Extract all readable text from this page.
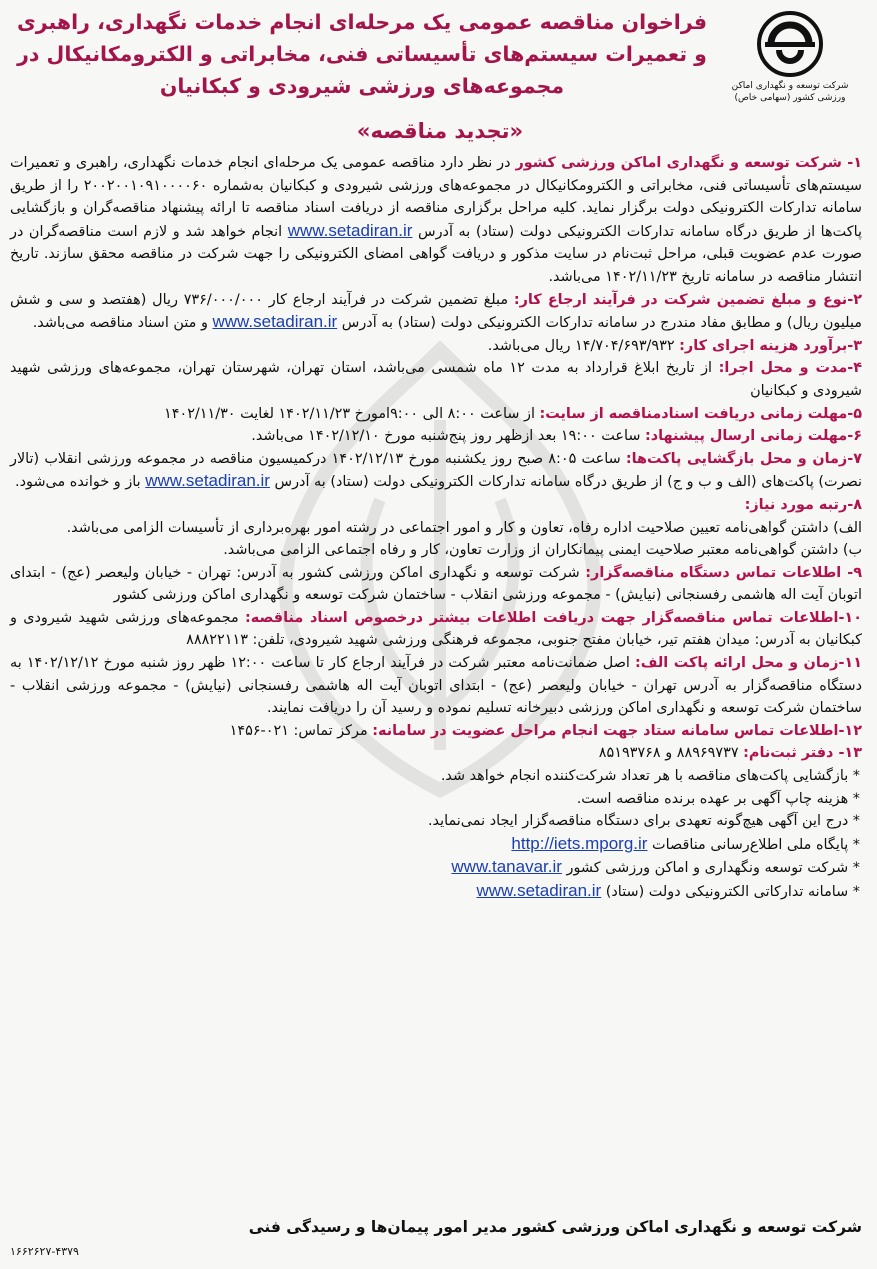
شرکت توسعه و نگهداری اماکن
ورزشی کشور (سهامی خاص)
فراخوان مناقصه عمومی یک مرحله‌ای انجام خدمات نگهداری، راهبری و تعمیرات سیستم‌های تأسیساتی فنی، مخابراتی و الکترومکانیکال در مجموعه‌های ورزشی شیرودی و کبکانیان
«تجدید مناقصه»

۱- شرکت توسعه و نگهداری اماکن ورزشی کشور در نظر دارد مناقصه عمومی یک مرحله‌ای انجام خدمات نگهداری، راهبری و تعمیرات سیستم‌های تأسیساتی فنی، مخابراتی و الکترومکانیکال در مجموعه‌های ورزشی شیرودی و کبکانیان به‌شماره ۲۰۰۲۰۰۱۰۹۱۰۰۰۰۶۰ را از طریق سامانه تدارکات الکترونیکی دولت برگزار نماید. کلیه مراحل برگزاری مناقصه از دریافت اسناد مناقصه تا ارائه پیشنهاد مناقصه‌گران و بازگشایی پاکت‌ها از طریق درگاه سامانه تدارکات الکترونیکی دولت (ستاد) به آدرس www.setadiran.ir انجام خواهد شد و لازم است مناقصه‌گران در صورت عدم عضویت قبلی، مراحل ثبت‌نام در سایت مذکور و دریافت گواهی امضای الکترونیکی را جهت شرکت در مناقصه محقق سازند. تاریخ انتشار مناقصه در سامانه تاریخ ۱۴۰۲/۱۱/۲۳ می‌باشد.

۲-نوع و مبلغ تضمین شرکت در فرآیند ارجاع کار: مبلغ تضمین شرکت در فرآیند ارجاع کار ۷۳۶/۰۰۰/۰۰۰ ریال (هفتصد و سی و شش میلیون ریال) و مطابق مفاد مندرج در سامانه تدارکات الکترونیکی دولت (ستاد) به آدرس www.setadiran.ir و متن اسناد مناقصه می‌باشد.

۳-برآورد هزینه اجرای کار: ۱۴/۷۰۴/۶۹۳/۹۳۲ ریال می‌باشد.

۴-مدت و محل اجرا: از تاریخ ابلاغ قرارداد به مدت ۱۲ ماه شمسی می‌باشد، استان تهران، شهرستان تهران، مجموعه‌های ورزشی شهید شیرودی و کبکانیان

۵-مهلت زمانی دریافت اسنادمناقصه از سایت: از ساعت ۸:۰۰ الی ۹:۰۰امورخ ۱۴۰۲/۱۱/۲۳ لغایت ۱۴۰۲/۱۱/۳۰

۶-مهلت زمانی ارسال پیشنهاد: ساعت ۱۹:۰۰ بعد ازظهر روز پنج‌شنبه مورخ ۱۴۰۲/۱۲/۱۰ می‌باشد.

۷-زمان و محل بازگشایی پاکت‌ها: ساعت ۸:۰۵ صبح روز یکشنبه مورخ ۱۴۰۲/۱۲/۱۳ درکمیسیون مناقصه در مجموعه ورزشی انقلاب (تالار نصرت) پاکت‌های (الف و ب و ج) از طریق درگاه سامانه تدارکات الکترونیکی دولت (ستاد) به آدرس www.setadiran.ir باز و خوانده می‌شود.

۸-رتبه مورد نیاز:

الف) داشتن گواهی‌نامه تعیین صلاحیت اداره رفاه، تعاون و کار و امور اجتماعی در رشته امور بهره‌برداری از تأسیسات الزامی می‌باشد.

ب) داشتن گواهی‌نامه معتبر صلاحیت ایمنی پیمانکاران از وزارت تعاون، کار و رفاه اجتماعی الزامی می‌باشد.

۹- اطلاعات تماس دستگاه مناقصه‌گزار: شرکت توسعه و نگهداری اماکن ورزشی کشور به آدرس: تهران - خیابان ولیعصر (عج) - ابتدای اتوبان آیت اله هاشمی رفسنجانی (نیایش) - مجموعه ورزشی انقلاب - ساختمان شرکت توسعه و نگهداری اماکن ورزشی کشور

۱۰-اطلاعات تماس مناقصه‌گزار جهت دریافت اطلاعات بیشتر درخصوص اسناد مناقصه: مجموعه‌های ورزشی شهید شیرودی و کبکانیان به آدرس: میدان هفتم تیر، خیابان مفتح جنوبی، مجموعه فرهنگی ورزشی شهید شیرودی، تلفن: ۸۸۸۲۲۱۱۳

۱۱-زمان و محل ارائه پاکت الف: اصل ضمانت‌نامه معتبر شرکت در فرآیند ارجاع کار تا ساعت ۱۲:۰۰ ظهر روز شنبه مورخ ۱۴۰۲/۱۲/۱۲ به دستگاه مناقصه‌گزار به آدرس تهران - خیابان ولیعصر (عج) - ابتدای اتوبان آیت اله هاشمی رفسنجانی (نیایش) - مجموعه ورزشی انقلاب - ساختمان شرکت توسعه و نگهداری اماکن ورزشی دبیرخانه تسلیم نموده و رسید آن را دریافت نمایند.

۱۲-اطلاعات تماس سامانه ستاد جهت انجام مراحل عضویت در سامانه: مرکز تماس: ۰۲۱-۱۴۵۶

۱۳- دفتر ثبت‌نام: ۸۸۹۶۹۷۳۷ و ۸۵۱۹۳۷۶۸

* بازگشایی پاکت‌های مناقصه با هر تعداد شرکت‌کننده انجام خواهد شد.

* هزینه چاپ آگهی بر عهده برنده مناقصه است.

* درج این آگهی هیچ‌گونه تعهدی برای دستگاه مناقصه‌گزار ایجاد نمی‌نماید.

* پایگاه ملی اطلاع‌رسانی مناقصات http://iets.mporg.ir

* شرکت توسعه ونگهداری و اماکن ورزشی کشور www.tanavar.ir

* سامانه تدارکاتی الکترونیکی دولت (ستاد) www.setadiran.ir

شرکت توسعه و نگهداری اماکن ورزشی کشور مدیر امور پیمان‌ها و رسیدگی فنی
۱۶۶۲۶۲۷-۴۳۷۹
